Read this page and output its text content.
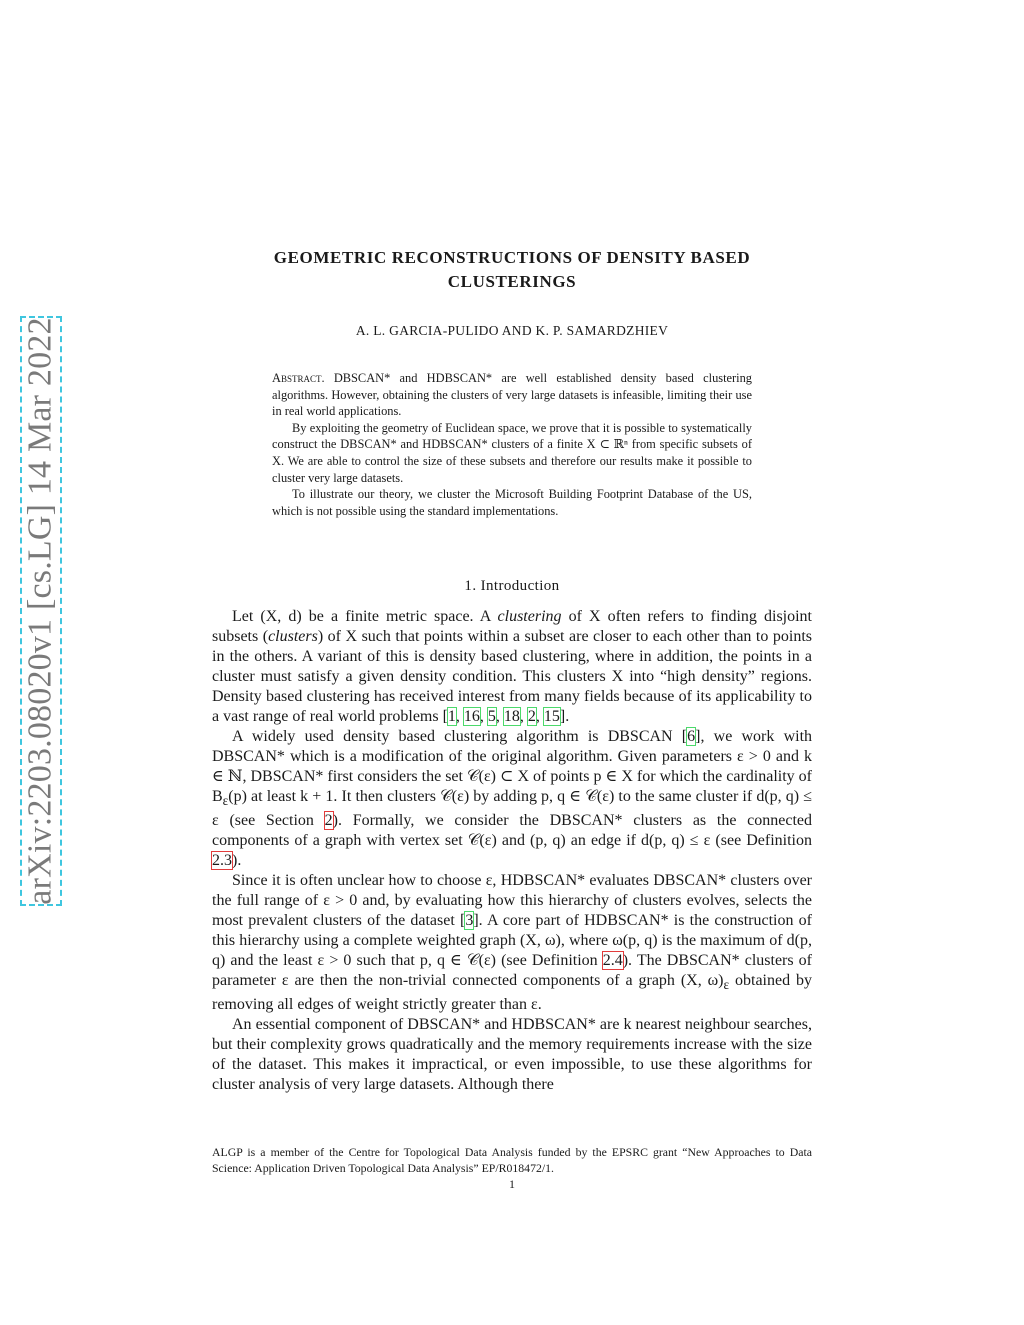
arXiv:2203.08020v1 [cs.LG] 14 Mar 2022
GEOMETRIC RECONSTRUCTIONS OF DENSITY BASED
CLUSTERINGS
A. L. GARCIA-PULIDO AND K. P. SAMARDZHIEV

Abstract. DBSCAN* and HDBSCAN* are well established density based clustering algorithms. However, obtaining the clusters of very large datasets is infeasible, limiting their use in real world applications.

By exploiting the geometry of Euclidean space, we prove that it is possible to systematically construct the DBSCAN* and HDBSCAN* clusters of a finite X ⊂ ℝⁿ from specific subsets of X. We are able to control the size of these subsets and therefore our results make it possible to cluster very large datasets.

To illustrate our theory, we cluster the Microsoft Building Footprint Database of the US, which is not possible using the standard implementations.

1. Introduction

Let (X, d) be a finite metric space. A clustering of X often refers to finding disjoint subsets (clusters) of X such that points within a subset are closer to each other than to points in the others. A variant of this is density based clustering, where in addition, the points in a cluster must satisfy a given density condition. This clusters X into “high density” regions. Density based clustering has received interest from many fields because of its applicability to a vast range of real world problems [1, 16, 5, 18, 2, 15].

A widely used density based clustering algorithm is DBSCAN [6], we work with DBSCAN* which is a modification of the original algorithm. Given parameters ε > 0 and k ∈ ℕ, DBSCAN* first considers the set 𝒞(ε) ⊂ X of points p ∈ X for which the cardinality of $B_\varepsilon(p)$ at least k + 1. It then clusters 𝒞(ε) by adding p, q ∈ 𝒞(ε) to the same cluster if d(p, q) ≤ ε (see Section 2). Formally, we consider the DBSCAN* clusters as the connected components of a graph with vertex set 𝒞(ε) and (p, q) an edge if d(p, q) ≤ ε (see Definition 2.3).

Since it is often unclear how to choose ε, HDBSCAN* evaluates DBSCAN* clusters over the full range of ε > 0 and, by evaluating how this hierarchy of clusters evolves, selects the most prevalent clusters of the dataset [3]. A core part of HDBSCAN* is the construction of this hierarchy using a complete weighted graph (X, ω), where ω(p, q) is the maximum of d(p, q) and the least ε > 0 such that p, q ∈ 𝒞(ε) (see Definition 2.4). The DBSCAN* clusters of parameter ε are then the non-trivial connected components of a graph (X, $\omega)_\varepsilon$ obtained by removing all edges of weight strictly greater than ε.

An essential component of DBSCAN* and HDBSCAN* are k nearest neighbour searches, but their complexity grows quadratically and the memory requirements increase with the size of the dataset. This makes it impractical, or even impossible, to use these algorithms for cluster analysis of very large datasets. Although there

ALGP is a member of the Centre for Topological Data Analysis funded by the EPSRC grant “New Approaches to Data Science: Application Driven Topological Data Analysis” EP/R018472/1.
1
